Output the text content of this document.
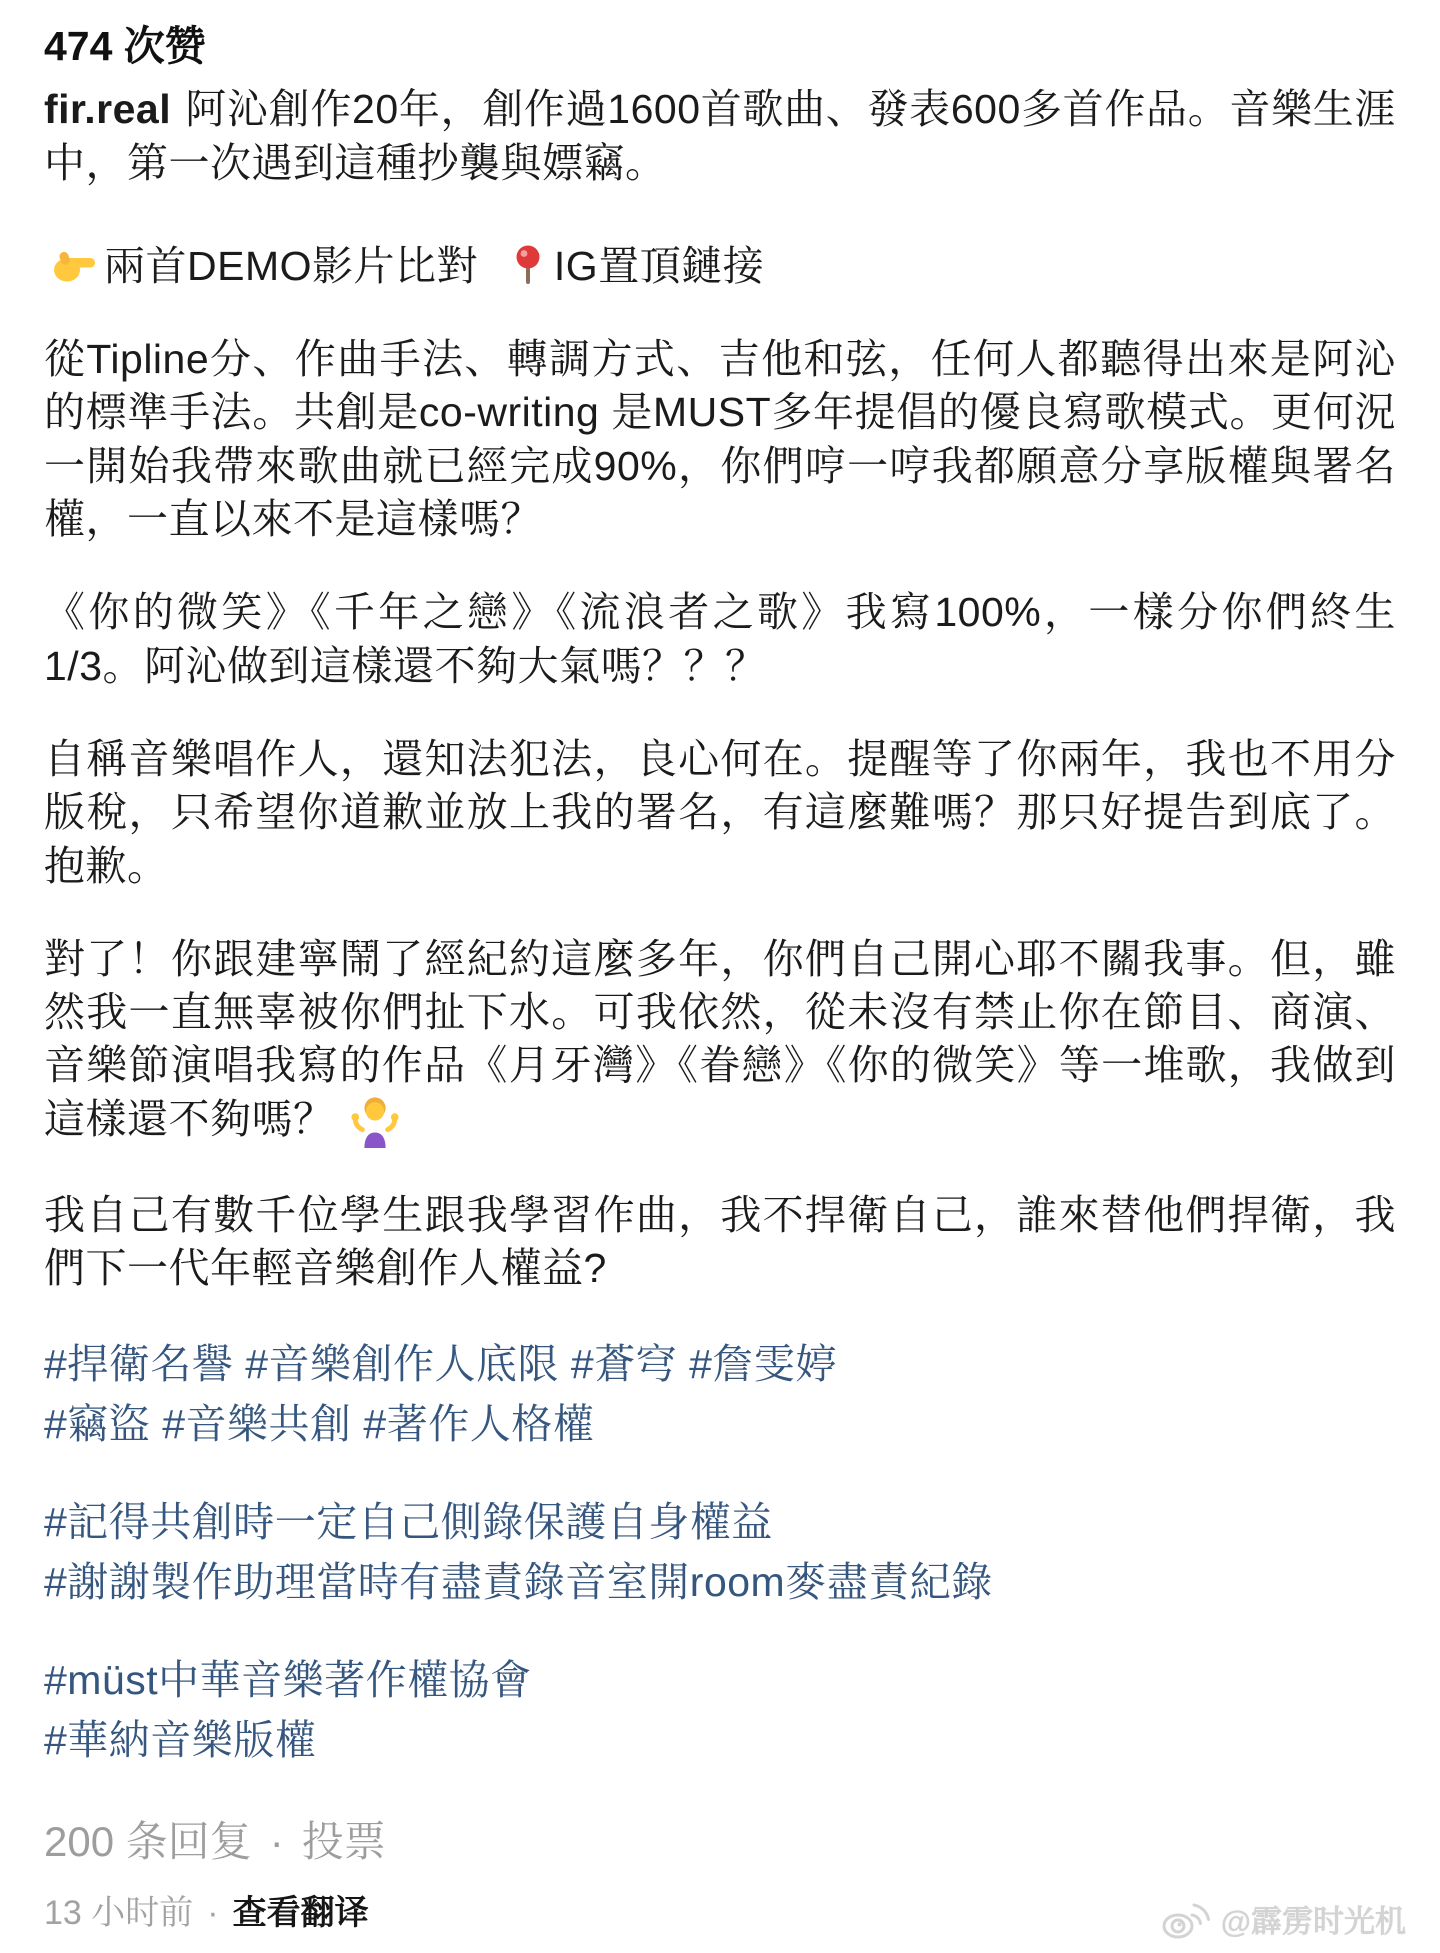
474 次赞
fir.real 阿沁創作20年，創作過1600首歌曲、發表600多首作品。音樂生涯中，第一次遇到這種抄襲與嫖竊。
兩首DEMO影片比對 IG置頂鏈接

從Tipline分、作曲手法、轉調方式、吉他和弦，任何人都聽得出來是阿沁的標準手法。共創是co-writing 是MUST多年提倡的優良寫歌模式。更何況一開始我帶來歌曲就已經完成90%，你們哼一哼我都願意分享版權與署名權，一直以來不是這樣嗎？

《你的微笑》《千年之戀》《流浪者之歌》我寫100%，一樣分你們終生 1/3。阿沁做到這樣還不夠大氣嗎？？？

自稱音樂唱作人，還知法犯法，良心何在。提醒等了你兩年，我也不用分版稅，只希望你道歉並放上我的署名，有這麼難嗎？那只好提告到底了。抱歉。

對了！你跟建寧鬧了經紀約這麼多年，你們自己開心耶不關我事。但，雖然我一直無辜被你們扯下水。可我依然，從未沒有禁止你在節目、商演、音樂節演唱我寫的作品《月牙灣》《眷戀》《你的微笑》等一堆歌，我做到這樣還不夠嗎？

我自己有數千位學生跟我學習作曲，我不捍衛自己，誰來替他們捍衛，我們下一代年輕音樂創作人權益?

#捍衛名譽 #音樂創作人底限 #蒼穹 #詹雯婷
#竊盜 #音樂共創 #著作人格權
#記得共創時一定自己側錄保護自身權益
#謝謝製作助理當時有盡責錄音室開room麥盡責紀錄
#müst中華音樂著作權協會
#華納音樂版權
200 条回复 · 投票
13 小时前 · 查看翻译	@霹雳时光机
